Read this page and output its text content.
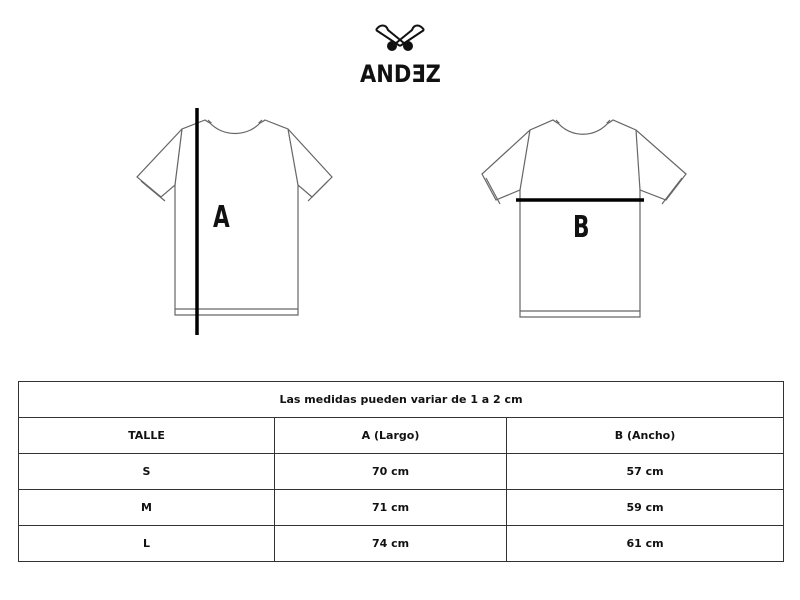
ANDƎZ
A	B
Las medidas pueden variar de 1 a 2 cm		
TALLE	A (Largo)	B (Ancho)
S	70 cm	57 cm
M	71 cm	59 cm
L	74 cm	61 cm
